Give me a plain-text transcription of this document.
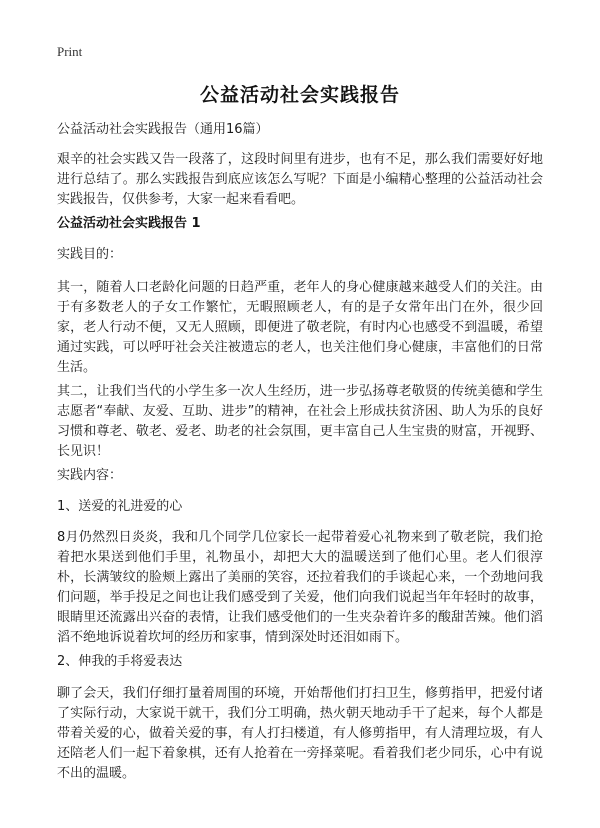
Print
公益活动社会实践报告

公益活动社会实践报告（通用16篇）

艰辛的社会实践又告一段落了，这段时间里有进步，也有不足，那么我们需要好好地进行总结了。那么实践报告到底应该怎么写呢？下面是小编精心整理的公益活动社会实践报告，仅供参考，大家一起来看看吧。

公益活动社会实践报告 1

实践目的：

其一，随着人口老龄化问题的日趋严重，老年人的身心健康越来越受人们的关注。由于有多数老人的子女工作繁忙，无暇照顾老人，有的是子女常年出门在外，很少回家，老人行动不便，又无人照顾，即便进了敬老院，有时内心也感受不到温暖，希望通过实践，可以呼吁社会关注被遗忘的老人，也关注他们身心健康，丰富他们的日常生活。

其二，让我们当代的小学生多一次人生经历，进一步弘扬尊老敬贤的传统美德和学生志愿者“奉献、友爱、互助、进步”的精神，在社会上形成扶贫济困、助人为乐的良好习惯和尊老、敬老、爱老、助老的社会氛围，更丰富自己人生宝贵的财富，开视野、长见识！

实践内容：

1、送爱的礼进爱的心

8月仍然烈日炎炎，我和几个同学几位家长一起带着爱心礼物来到了敬老院，我们抢着把水果送到他们手里，礼物虽小，却把大大的温暖送到了他们心里。老人们很淳朴，长满皱纹的脸颊上露出了美丽的笑容，还拉着我们的手谈起心来，一个劲地问我们问题，举手投足之间也让我们感受到了关爱，他们向我们说起当年年轻时的故事，眼睛里还流露出兴奋的表情，让我们感受他们的一生夹杂着许多的酸甜苦辣。他们滔滔不绝地诉说着坎坷的经历和家事，情到深处时还泪如雨下。

2、伸我的手将爱表达

聊了会天，我们仔细打量着周围的环境，开始帮他们打扫卫生，修剪指甲，把爱付诸了实际行动，大家说干就干，我们分工明确，热火朝天地动手干了起来，每个人都是带着关爱的心，做着关爱的事，有人打扫楼道，有人修剪指甲，有人清理垃圾，有人还陪老人们一起下着象棋，还有人抢着在一旁择菜呢。看着我们老少同乐，心中有说不出的温暖。
